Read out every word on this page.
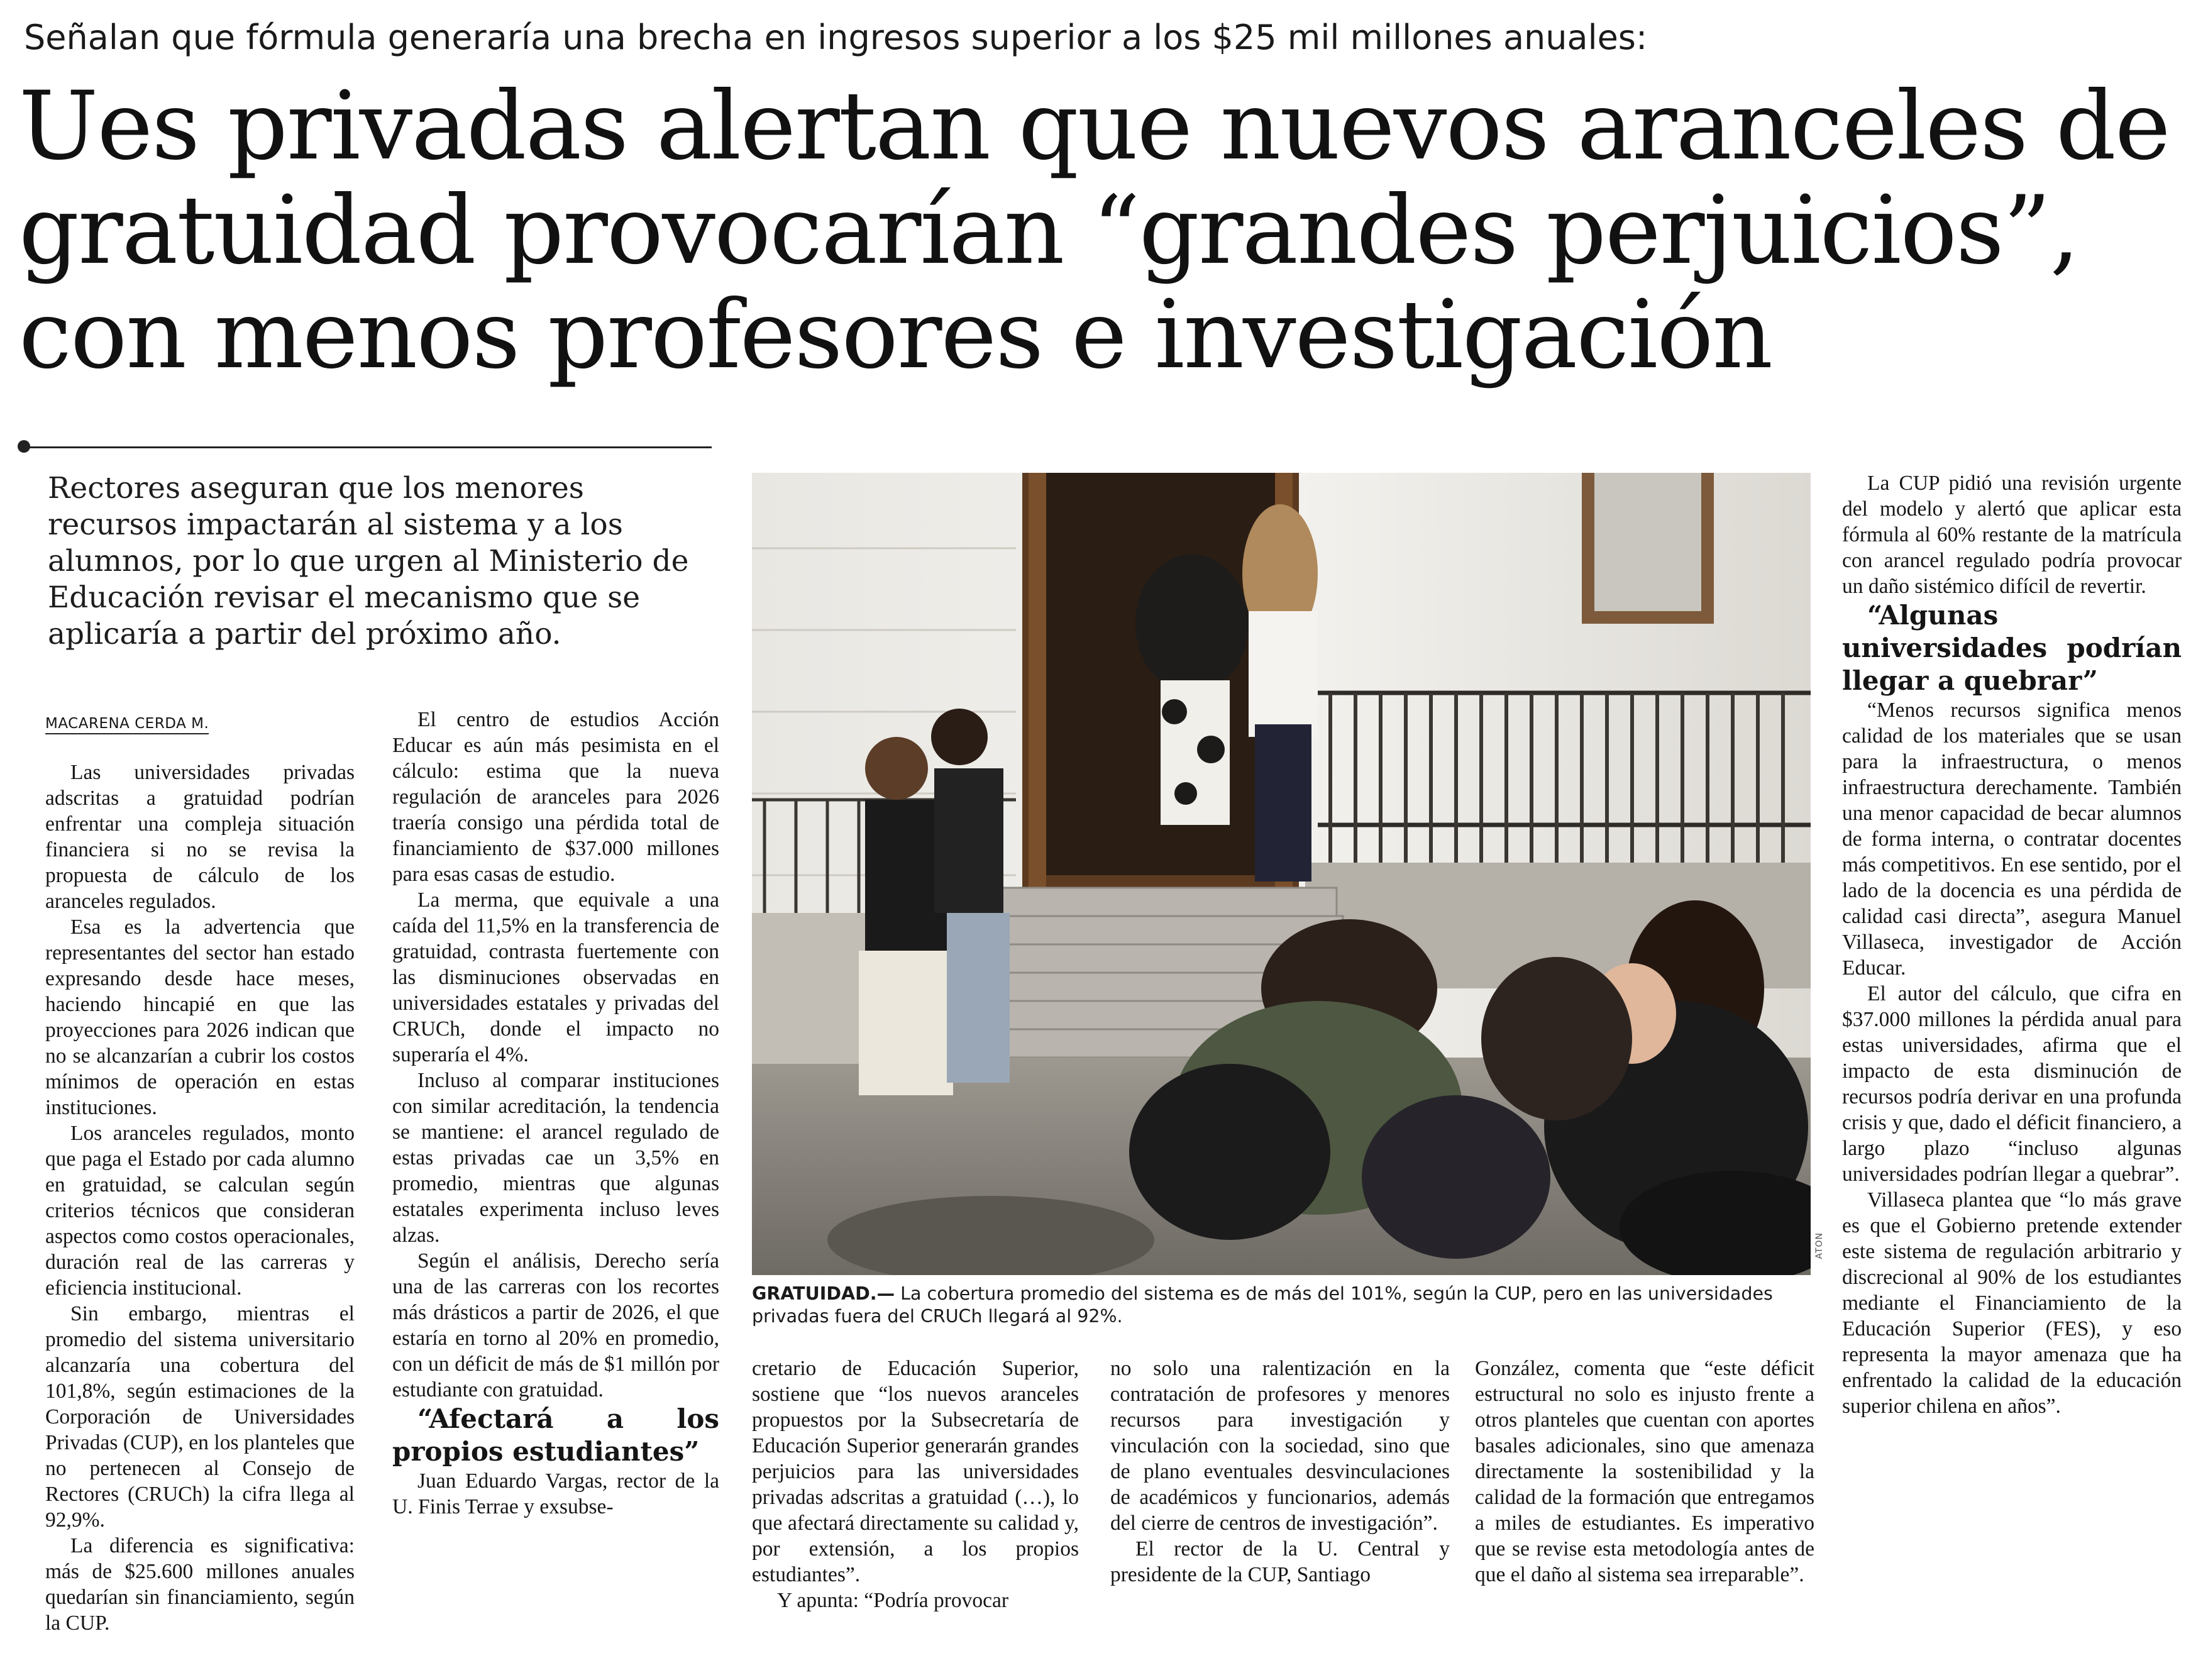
Señalan que fórmula generaría una brecha en ingresos superior a los $25 mil millones anuales:
Ues privadas alertan que nuevos aranceles de
gratuidad provocarían “grandes perjuicios”,
con menos profesores e investigación
Rectores aseguran que los menores recursos impactarán al sistema y a los alumnos, por lo que urgen al Ministerio de Educación revisar el mecanismo que se aplicaría a partir del próximo año.
MACARENA CERDA M.

Las universidades privadas adscritas a gratuidad podrían enfrentar una compleja situación financiera si no se revisa la propuesta de cálculo de los aranceles regulados.

Esa es la advertencia que representantes del sector han estado expresando desde hace meses, haciendo hincapié en que las proyecciones para 2026 indican que no se alcanzarían a cubrir los costos mínimos de operación en estas instituciones.

Los aranceles regulados, monto que paga el Estado por cada alumno en gratuidad, se calculan según criterios técnicos que consideran aspectos como costos operacionales, duración real de las carreras y eficiencia institucional.

Sin embargo, mientras el promedio del sistema universitario alcanzaría una cobertura del 101,8%, según estimaciones de la Corporación de Universidades Privadas (CUP), en los planteles que no pertenecen al Consejo de Rectores (CRUCh) la cifra llega al 92,9%.

La diferencia es significativa: más de $25.600 millones anuales quedarían sin financiamiento, según la CUP.

El centro de estudios Acción Educar es aún más pesimista en el cálculo: estima que la nueva regulación de aranceles para 2026 traería consigo una pérdida total de financiamiento de $37.000 millones para esas casas de estudio.

La merma, que equivale a una caída del 11,5% en la transferencia de gratuidad, contrasta fuertemente con las disminuciones observadas en universidades estatales y privadas del CRUCh, donde el impacto no superaría el 4%.

Incluso al comparar instituciones con similar acreditación, la tendencia se mantiene: el arancel regulado de estas privadas cae un 3,5% en promedio, mientras que algunas estatales experimenta incluso leves alzas.

Según el análisis, Derecho sería una de las carreras con los recortes más drásticos a partir de 2026, el que estaría en torno al 20% en promedio, con un déficit de más de $1 millón por estudiante con gratuidad.

“Afectará a los propios estudiantes”

Juan Eduardo Vargas, rector de la U. Finis Terrae y exsubse-

ATON
GRATUIDAD.— La cobertura promedio del sistema es de más del 101%, según la CUP, pero en las universidades privadas fuera del CRUCh llegará al 92%.

cretario de Educación Superior, sostiene que “los nuevos aranceles propuestos por la Subsecretaría de Educación Superior generarán grandes perjuicios para las universidades privadas adscritas a gratuidad (…), lo que afectará directamente su calidad y, por extensión, a los propios estudiantes”.

Y apunta: “Podría provocar

no solo una ralentización en la contratación de profesores y menores recursos para investigación y vinculación con la sociedad, sino que de plano eventuales desvinculaciones de académicos y funcionarios, además del cierre de centros de investigación”.

El rector de la U. Central y presidente de la CUP, Santiago

González, comenta que “este déficit estructural no solo es injusto frente a otros planteles que cuentan con aportes basales adicionales, sino que amenaza directamente la sostenibilidad y la calidad de la formación que entregamos a miles de estudiantes. Es imperativo que se revise esta metodología antes de que el daño al sistema sea irreparable”.

La CUP pidió una revisión urgente del modelo y alertó que aplicar esta fórmula al 60% restante de la matrícula con arancel regulado podría provocar un daño sistémico difícil de revertir.

“Algunas universidades podrían llegar a quebrar”

“Menos recursos significa menos calidad de los materiales que se usan para la infraestructura, o menos infraestructura derechamente. También una menor capacidad de becar alumnos de forma interna, o contratar docentes más competitivos. En ese sentido, por el lado de la docencia es una pérdida de calidad casi directa”, asegura Manuel Villaseca, investigador de Acción Educar.

El autor del cálculo, que cifra en $37.000 millones la pérdida anual para estas universidades, afirma que el impacto de esta disminución de recursos podría derivar en una profunda crisis y que, dado el déficit financiero, a largo plazo “incluso algunas universidades podrían llegar a quebrar”.

Villaseca plantea que “lo más grave es que el Gobierno pretende extender este sistema de regulación arbitrario y discrecional al 90% de los estudiantes mediante el Financiamiento de la Educación Superior (FES), y eso representa la mayor amenaza que ha enfrentado la calidad de la educación superior chilena en años”.
